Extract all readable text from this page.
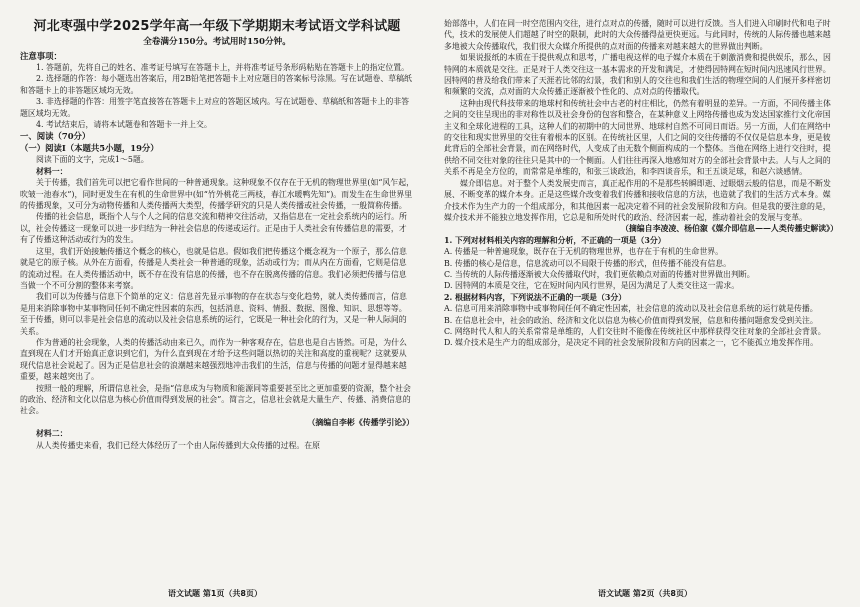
河北枣强中学2025学年高一年级下学期期末考试语文学科试题

全卷满分150分。考试用时150分钟。

注意事项：

1. 答题前，先将自己的姓名、准考证号填写在答题卡上，并将准考证号条形码粘贴在答题卡上的指定位置。

2. 选择题的作答：每小题选出答案后，用2B铅笔把答题卡上对应题目的答案标号涂黑。写在试题卷、草稿纸和答题卡上的非答题区域均无效。

3. 非选择题的作答：用签字笔直接答在答题卡上对应的答题区域内。写在试题卷、草稿纸和答题卡上的非答题区域均无效。

4. 考试结束后，请将本试题卷和答题卡一并上交。

一、阅读（70分）

（一）阅读Ⅰ（本题共5小题，19分）

阅读下面的文字，完成1～5题。

材料一：

关于传播，我们首先可以把它看作世间的一种普通现象。这种现象不仅存在于无机的物理世界里(如“风乍起，吹皱一池春水”)，同时更发生在有机的生命世界中(如“竹外桃花三两枝，春江水暖鸭先知”)。而发生在生命世界里的传播现象，又可分为动物传播和人类传播两大类型，传播学研究的只是人类传播或社会传播，一般简称传播。

传播的社会信息，既指个人与个人之间的信息交流和精神交往活动，又指信息在一定社会系统内的运行。所以，社会传播这一现象可以进一步归结为一种社会信息的传递或运行。正是由于人类社会有传播信息的需要，才有了传播这种活动或行为的发生。

这里，我们开始接触传播这个概念的核心，也就是信息。假如我们把传播这个概念视为一个原子，那么信息就是它的原子核。从外在方面看，传播是人类社会一种普通的现象，活动或行为；而从内在方面看，它则是信息的流动过程。在人类传播活动中，既不存在没有信息的传播，也不存在脱离传播的信息。我们必须把传播与信息当做一个不可分割的整体来考察。

我们可以为传播与信息下个简单的定义：信息首先显示事物的存在状态与变化趋势，就人类传播而言，信息是用来消除事物中某事物同任何不确定性因素的东西，包括消息、资料、情报、数据、图像、知识、思想等等。至于传播，则可以非是社会信息的流动以及社会信息系统的运行，它既是一种社会化的行为，又是一种人际间的关系。

作为普通的社会现象，人类的传播活动由来已久，而作为一种客观存在，信息也是自古皆然。可是，为什么直到现在人们才开始真正意识到它们，为什么直到现在才给予这些问题以热切的关注和高度的重视呢？这就要从现代信息社会说起了。因为正是信息社会的浪潮越来越强烈地冲击我们的生活，信息与传播的问题才显得越来越重要，越来越突出了。

按照一般的理解，所谓信息社会，是指“信息成为与物质和能源同等重要甚至比之更加重要的资源，整个社会的政治、经济和文化以信息为核心价值而得到发展的社会”。简言之，信息社会就是大量生产、传播、消费信息的社会。

（摘编自李彬《传播学引论》）

材料二：

从人类传播史来看，我们已经大体经历了一个由人际传播到大众传播的过程。在原

语文试题 第1页（共8页）

始部落中，人们在同一时空范围内交往，进行点对点的传播，随时可以进行反馈。当人们进入印刷时代和电子时代，技术的发展使人们超越了时空的限制，此时的大众传播得益更快更远。与此同时，传统的人际传播也越来越多地被大众传播取代，我们很大众媒介所提供的点对面的传播来对越来越大的世界做出判断。

如果说报纸的本质在于提供观点和思考，广播电视这样的电子媒介本质在于刺激消费和提供娱乐，那么，因特网的本质就是交往。正是对于人类交往这一基本需求的开发和满足，才使得因特网在短时间内迅速风行世界。因特网的普及给我们带来了天涯若比邻的幻景，我们和别人的交往也和我们生活的物理空间的人们展开多样密切和频繁的交流，点对面的大众传播正逐渐被个性化的、点对点的传播取代。

这种由现代科技带来的地球村和传统社会中古老的村庄相比，仍然有着明显的差异。一方面，不同传播主体之间的交往呈现出的非对称性以及社会身份的包容和整合，在某种意义上网络传播也成为发达国家推行文化帝国主义和全球化进程的工具，这种人们的初期中的大同世界、地球村自然不可同日而语。另一方面，人们在网络中的交往和现实世界里的交往有着根本的区别。在传统社区里，人们之间的交往传播的不仅仅是信息本身，更是彼此背后的全部社会背景，而在网络时代，人变成了由无数个侧面构成的一个整体。当他在网络上进行交往时，提供给不同交往对象的往往只是其中的一个侧面。人们往往再深入地感知对方的全部社会背景中去。人与人之间的关系不再是全方位的，而常常是单维的，和张三谈政治，和李四谈音乐，和王五谈足球，和赵六谈感情。

媒介即信息。对于整个人类发展史而言，真正起作用的不是那些转瞬即逝、过眼烟云般的信息，而是不断发展、不断变革的媒介本身。正是这些媒介改变着我们传播和接收信息的方法，也造就了我们的生活方式本身。媒介技术作为生产力的一个组成部分，和其他因素一起决定着不同的社会发展阶段和方向。但是我的要注意的是，媒介技术并不能独立地发挥作用，它总是和所处时代的政治、经济因素一起，推动着社会的发展与变革。

（摘编自李凌凌、杨伯溆《媒介即信息——人类传播史解读》）

1. 下列对材料相关内容的理解和分析，不正确的一项是（3分）

A. 传播是一种普遍现象，既存在于无机的物理世界，也存在于有机的生命世界。

B. 传播的核心是信息，信息流动可以不局限于传播的形式，但传播不能没有信息。

C. 当传统的人际传播逐渐被大众传播取代时，我们更依赖点对面的传播对世界做出判断。

D. 因特网的本质是交往，它在短时间内风行世界，是因为满足了人类交往这一需求。

2. 根据材料内容，下列说法不正确的一项是（3分）

A. 信息可用来消除事物中或事物间任何不确定性因素，社会信息的流动以及社会信息系统的运行就是传播。

B. 在信息社会中，社会的政治、经济和文化以信息为核心价值而得到发展，信息和传播问题愈发受到关注。

C. 网络时代人和人的关系常常是单维的，人们交往时不能像在传统社区中那样获得交往对象的全部社会背景。

D. 媒介技术是生产力的组成部分，是决定不同的社会发展阶段和方向的因素之一，它不能孤立地发挥作用。

语文试题 第2页（共8页）
